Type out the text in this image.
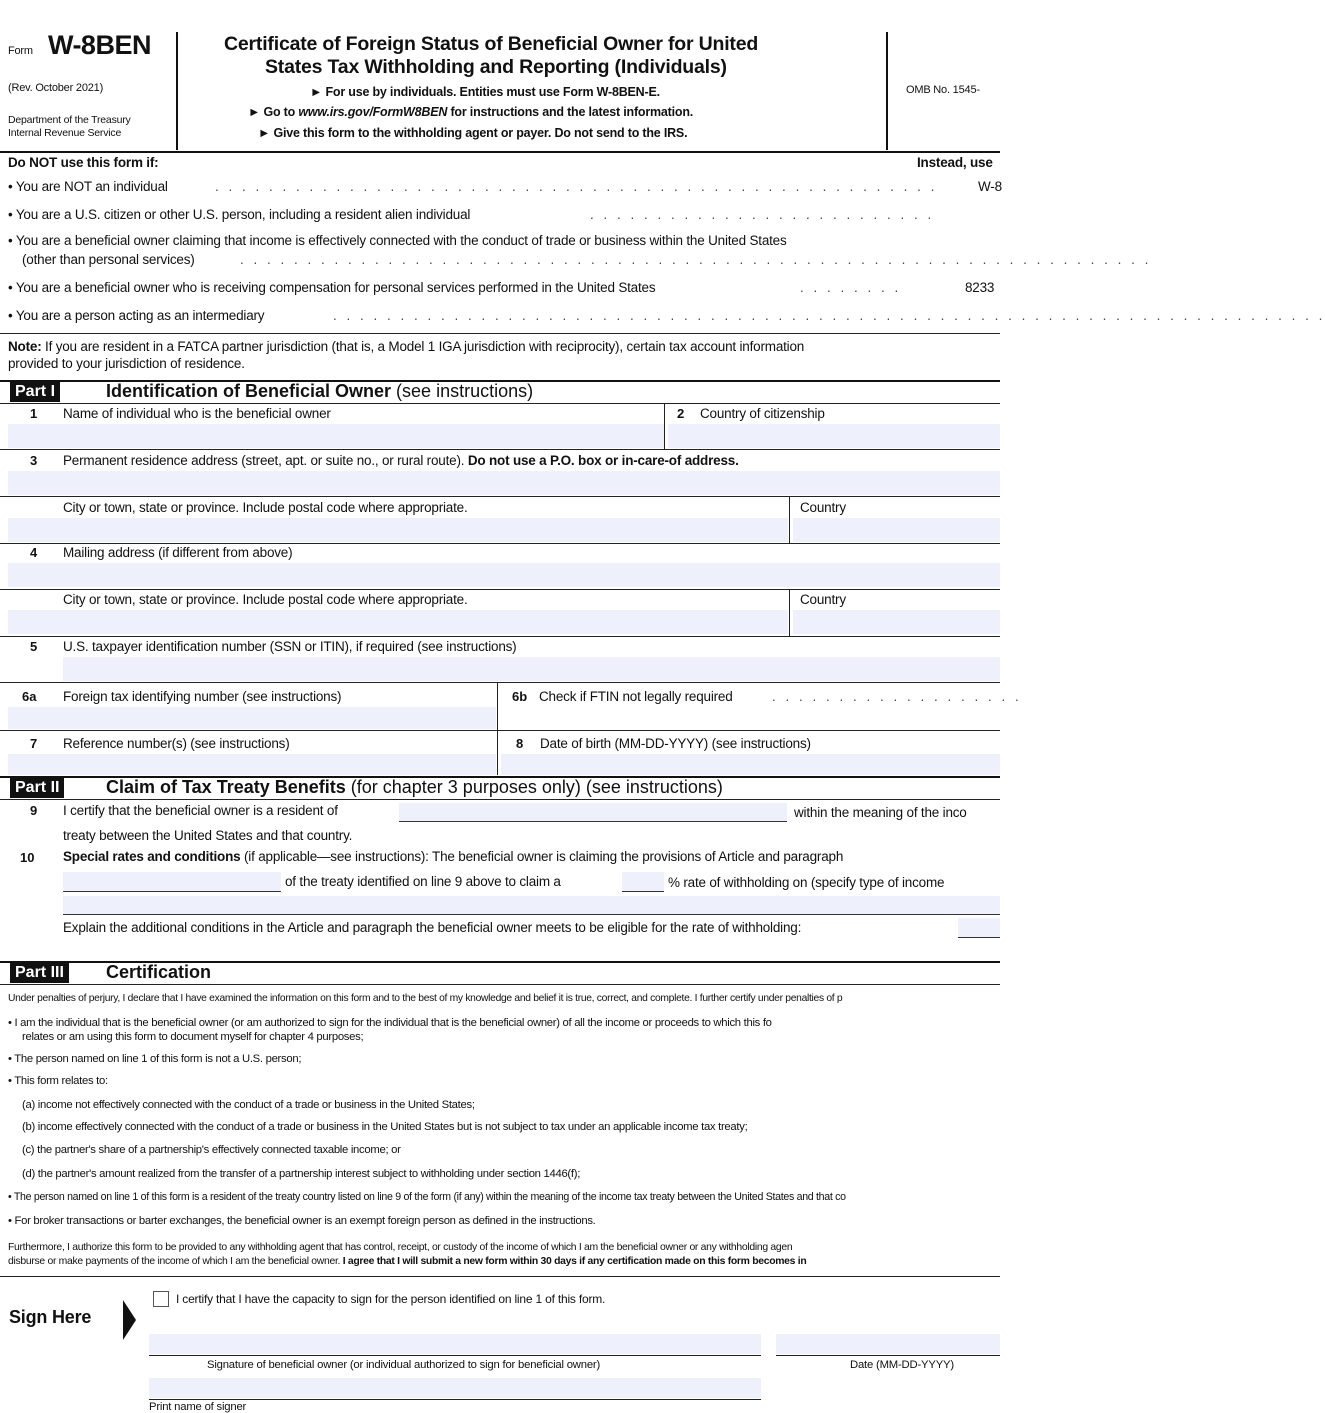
Form W-8BEN
(Rev. October 2021)
Department of the Treasury
Internal Revenue Service
Certificate of Foreign Status of Beneficial Owner for United
States Tax Withholding and Reporting (Individuals)
► For use by individuals. Entities must use Form W-8BEN-E.
► Go to www.irs.gov/FormW8BEN for instructions and the latest information.
► Give this form to the withholding agent or payer. Do not send to the IRS.
OMB No. 1545-
Do NOT use this form if:	Instead, use
• You are NOT an individual	. . . . . . . . . . . . . . . . . . . . . . . . . . . . . . . . . . . . . . . . . . . . . . . . . . . . . .	W-8
• You are a U.S. citizen or other U.S. person, including a resident alien individual	. . . . . . . . . . . . . . . . . . . . . . . . . .
• You are a beneficial owner claiming that income is effectively connected with the conduct of trade or business within the United States
(other than personal services)	. . . . . . . . . . . . . . . . . . . . . . . . . . . . . . . . . . . . . . . . . . . . . . . . . . . . . . . . . . . . . . . . . . . .
• You are a beneficial owner who is receiving compensation for personal services performed in the United States	. . . . . . . .	8233
• You are a person acting as an intermediary	. . . . . . . . . . . . . . . . . . . . . . . . . . . . . . . . . . . . . . . . . . . . . . . . . . . . . . . . . . . . . . . . . . . . . . . . . .
Note: If you are resident in a FATCA partner jurisdiction (that is, a Model 1 IGA jurisdiction with reciprocity), certain tax account information
provided to your jurisdiction of residence.
Part I	Identification of Beneficial Owner (see instructions)
1 Name of individual who is the beneficial owner	2 Country of citizenship
3 Permanent residence address (street, apt. or suite no., or rural route). Do not use a P.O. box or in-care-of address.
City or town, state or province. Include postal code where appropriate.	Country
4 Mailing address (if different from above)
City or town, state or province. Include postal code where appropriate.	Country
5 U.S. taxpayer identification number (SSN or ITIN), if required (see instructions)
6a Foreign tax identifying number (see instructions)	6b Check if FTIN not legally required	. . . . . . . . . . . . . . . . . . .
7 Reference number(s) (see instructions)	8 Date of birth (MM-DD-YYYY) (see instructions)
Part II	Claim of Tax Treaty Benefits (for chapter 3 purposes only) (see instructions)
9 I certify that the beneficial owner is a resident of	within the meaning of the inco
treaty between the United States and that country.
10 Special rates and conditions (if applicable—see instructions): The beneficial owner is claiming the provisions of Article and paragraph
of the treaty identified on line 9 above to claim a	% rate of withholding on (specify type of income
Explain the additional conditions in the Article and paragraph the beneficial owner meets to be eligible for the rate of withholding:
Part III Certification
Under penalties of perjury, I declare that I have examined the information on this form and to the best of my knowledge and belief it is true, correct, and complete. I further certify under penalties of p
• I am the individual that is the beneficial owner (or am authorized to sign for the individual that is the beneficial owner) of all the income or proceeds to which this fo
relates or am using this form to document myself for chapter 4 purposes;
• The person named on line 1 of this form is not a U.S. person;
• This form relates to:
(a) income not effectively connected with the conduct of a trade or business in the United States;
(b) income effectively connected with the conduct of a trade or business in the United States but is not subject to tax under an applicable income tax treaty;
(c) the partner's share of a partnership's effectively connected taxable income; or
(d) the partner's amount realized from the transfer of a partnership interest subject to withholding under section 1446(f);
• The person named on line 1 of this form is a resident of the treaty country listed on line 9 of the form (if any) within the meaning of the income tax treaty between the United States and that co
• For broker transactions or barter exchanges, the beneficial owner is an exempt foreign person as defined in the instructions.
Furthermore, I authorize this form to be provided to any withholding agent that has control, receipt, or custody of the income of which I am the beneficial owner or any withholding agen
disburse or make payments of the income of which I am the beneficial owner. I agree that I will submit a new form within 30 days if any certification made on this form becomes in
I certify that I have the capacity to sign for the person identified on line 1 of this form.
Sign Here
Signature of beneficial owner (or individual authorized to sign for beneficial owner)	Date (MM-DD-YYYY)
Print name of signer
